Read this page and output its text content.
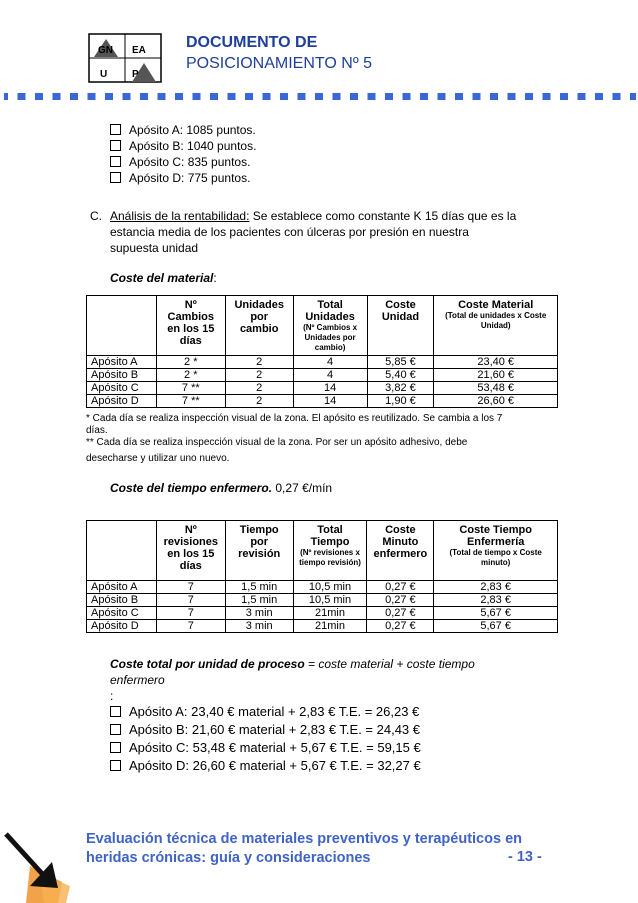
GN EA
U P
DOCUMENTO DE
POSICIONAMIENTO Nº 5
Apósito A: 1085 puntos.
Apósito B: 1040 puntos.
Apósito C: 835 puntos.
Apósito D: 775 puntos.
C. Análisis de la rentabilidad: Se establece como constante K 15 días que es la
estancia media de los pacientes con úlceras por presión en nuestra
supuesta unidad
Coste del material:
	Nº
Cambios
en los 15
días	Unidades
por
cambio	Total
Unidades
(Nº Cambios x Unidades por cambio)	Coste
Unidad	Coste Material
(Total de unidades x Coste Unidad)

Apósito A	2 *	2	4	5,85 €	23,40 €
Apósito B	2 *	2	4	5,40 €	21,60 €
Apósito C	7 **	2	14	3,82 €	53,48 €
Apósito D	7 **	2	14	1,90 €	26,60 €
* Cada día se realiza inspección visual de la zona. El apósito es reutilizado. Se cambia a los 7
días.
** Cada día se realiza inspección visual de la zona. Por ser un apósito adhesivo, debe
desecharse y utilizar uno nuevo.
Coste del tiempo enfermero. 0,27 €/mín
	Nº
revisiones
en los 15
días	Tiempo
por
revisión	Total
Tiempo
(Nº revisiones x tiempo revisión)	Coste
Minuto
enfermero	Coste Tiempo
Enfermería
(Total de tiempo x Coste minuto)

Apósito A	7	1,5 min	10,5 min	0,27 €	2,83 €
Apósito B	7	1,5 min	10,5 min	0,27 €	2,83 €
Apósito C	7	3 min	21min	0,27 €	5,67 €
Apósito D	7	3 min	21min	0,27 €	5,67 €
Coste total por unidad de proceso = coste material + coste tiempo
enfermero
:
Apósito A: 23,40 € material + 2,83 € T.E. = 26,23 €
Apósito B: 21,60 € material + 2,83 € T.E. = 24,43 €
Apósito C: 53,48 € material + 5,67 € T.E. = 59,15 €
Apósito D: 26,60 € material + 5,67 € T.E. = 32,27 €
Evaluación técnica de materiales preventivos y terapéuticos en
heridas crónicas: guía y consideraciones	- 13 -
